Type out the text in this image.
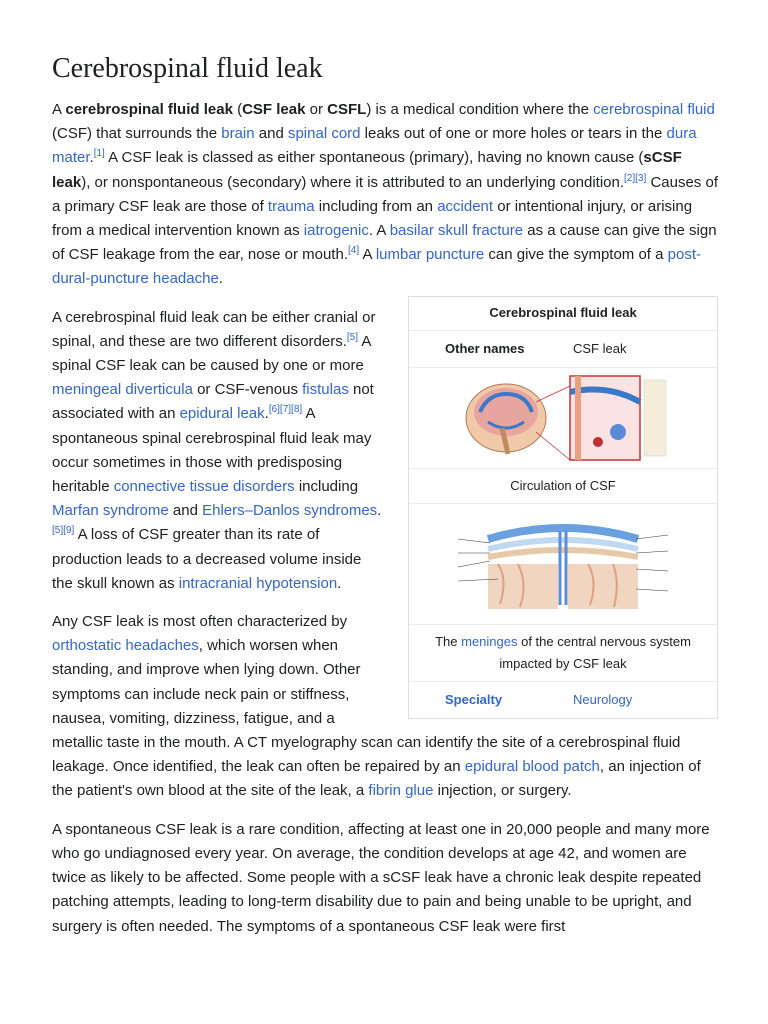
Cerebrospinal fluid leak

A cerebrospinal fluid leak (CSF leak or CSFL) is a medical condition where the cerebrospinal fluid (CSF) that surrounds the brain and spinal cord leaks out of one or more holes or tears in the dura mater.[1] A CSF leak is classed as either spontaneous (primary), having no known cause (sCSF leak), or nonspontaneous (secondary) where it is attributed to an underlying condition.[2][3] Causes of a primary CSF leak are those of trauma including from an accident or intentional injury, or arising from a medical intervention known as iatrogenic. A basilar skull fracture as a cause can give the sign of CSF leakage from the ear, nose or mouth.[4] A lumbar puncture can give the symptom of a post-dural-puncture headache.

Cerebrospinal fluid leak
Other names	CSF leak
Circulation of CSF
The meninges of the central nervous system impacted by CSF leak
Specialty	Neurology

A cerebrospinal fluid leak can be either cranial or spinal, and these are two different disorders.[5] A spinal CSF leak can be caused by one or more meningeal diverticula or CSF-venous fistulas not associated with an epidural leak.[6][7][8] A spontaneous spinal cerebrospinal fluid leak may occur sometimes in those with predisposing heritable connective tissue disorders including Marfan syndrome and Ehlers–Danlos syndromes.[5][9] A loss of CSF greater than its rate of production leads to a decreased volume inside the skull known as intracranial hypotension.

Any CSF leak is most often characterized by orthostatic headaches, which worsen when standing, and improve when lying down. Other symptoms can include neck pain or stiffness, nausea, vomiting, dizziness, fatigue, and a metallic taste in the mouth. A CT myelography scan can identify the site of a cerebrospinal fluid leakage. Once identified, the leak can often be repaired by an epidural blood patch, an injection of the patient's own blood at the site of the leak, a fibrin glue injection, or surgery.

A spontaneous CSF leak is a rare condition, affecting at least one in 20,000 people and many more who go undiagnosed every year. On average, the condition develops at age 42, and women are twice as likely to be affected. Some people with a sCSF leak have a chronic leak despite repeated patching attempts, leading to long-term disability due to pain and being unable to be upright, and surgery is often needed. The symptoms of a spontaneous CSF leak were first
